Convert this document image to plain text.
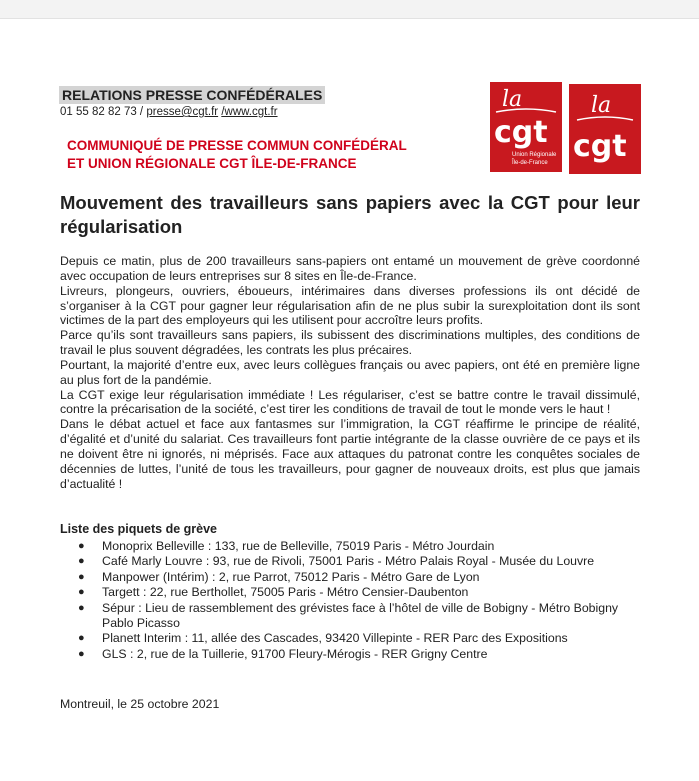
RELATIONS PRESSE CONFÉDÉRALES
01 55 82 82 73 / presse@cgt.fr /www.cgt.fr
COMMUNIQUÉ DE PRESSE COMMUN CONFÉDÉRAL
ET UNION RÉGIONALE CGT ÎLE-DE-FRANCE
la
cgt
Union Régionale
Île-de-France
la
cgt
Mouvement des travailleurs sans papiers avec la CGT pour leur régularisation

Depuis ce matin, plus de 200 travailleurs sans-papiers ont entamé un mouvement de grève coordonné avec occupation de leurs entreprises sur 8 sites en Île-de-France.

Livreurs, plongeurs, ouvriers, éboueurs, intérimaires dans diverses professions ils ont décidé de s’organiser à la CGT pour gagner leur régularisation afin de ne plus subir la surexploitation dont ils sont victimes de la part des employeurs qui les utilisent pour accroître leurs profits.

Parce qu’ils sont travailleurs sans papiers, ils subissent des discriminations multiples, des conditions de travail le plus souvent dégradées, les contrats les plus précaires.

Pourtant, la majorité d’entre eux, avec leurs collègues français ou avec papiers, ont été en première ligne au plus fort de la pandémie.

La CGT exige leur régularisation immédiate ! Les régulariser, c’est se battre contre le travail dissimulé, contre la précarisation de la société, c’est tirer les conditions de travail de tout le monde vers le haut !

Dans le débat actuel et face aux fantasmes sur l’immigration, la CGT réaffirme le principe de réalité, d’égalité et d’unité du salariat. Ces travailleurs font partie intégrante de la classe ouvrière de ce pays et ils ne doivent être ni ignorés, ni méprisés. Face aux attaques du patronat contre les conquêtes sociales de décennies de luttes, l’unité de tous les travailleurs, pour gagner de nouveaux droits, est plus que jamais d’actualité !

Liste des piquets de grève
● Monoprix Belleville : 133, rue de Belleville, 75019 Paris - Métro Jourdain
● Café Marly Louvre : 93, rue de Rivoli, 75001 Paris - Métro Palais Royal - Musée du Louvre
● Manpower (Intérim) : 2, rue Parrot, 75012 Paris - Métro Gare de Lyon
● Targett : 22, rue Berthollet, 75005 Paris - Métro Censier-Daubenton
● Sépur : Lieu de rassemblement des grévistes face à l’hôtel de ville de Bobigny - Métro Bobigny Pablo Picasso
● Planett Interim : 11, allée des Cascades, 93420 Villepinte - RER Parc des Expositions
● GLS : 2, rue de la Tuillerie, 91700 Fleury-Mérogis - RER Grigny Centre
Montreuil, le 25 octobre 2021
